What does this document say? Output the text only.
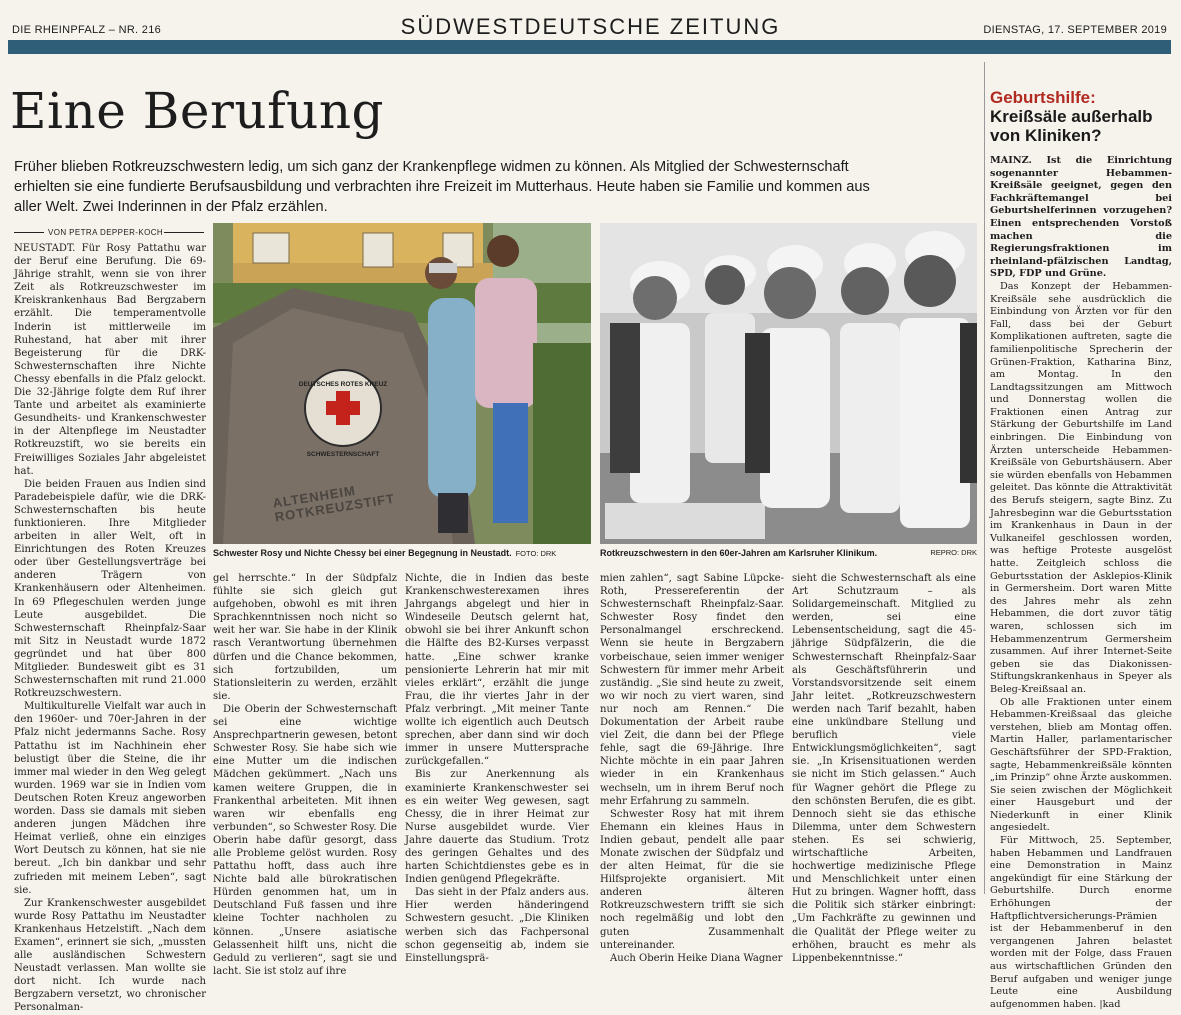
DIE RHEINPFALZ – NR. 216	SÜDWESTDEUTSCHE ZEITUNG	DIENSTAG, 17. SEPTEMBER 2019
Eine Berufung
Früher blieben Rotkreuzschwestern ledig, um sich ganz der Krankenpflege widmen zu können. Als Mitglied der Schwesternschaft erhielten sie eine fundierte Berufsausbildung und verbrachten ihre Freizeit im Mutterhaus. Heute haben sie Familie und kommen aus aller Welt. Zwei Inderinnen in der Pfalz erzählen.
VON PETRA DEPPER-KOCH
DEUTSCHES ROTES KREUZ
SCHWESTERNSCHAFT
ALTENHEIM ROTKREUZSTIFT
Schwester Rosy und Nichte Chessy bei einer Begegnung in Neustadt. FOTO: DRK	Rotkreuzschwestern in den 60er-Jahren am Karlsruher Klinikum.	REPRO: DRK

NEUSTADT. Für Rosy Pattathu war der Beruf eine Berufung. Die 69-Jährige strahlt, wenn sie von ihrer Zeit als Rotkreuzschwester im Kreiskrankenhaus Bad Bergzabern erzählt. Die temperamentvolle Inderin ist mittlerweile im Ruhestand, hat aber mit ihrer Begeisterung für die DRK-Schwesternschaften ihre Nichte Chessy ebenfalls in die Pfalz gelockt. Die 32-Jährige folgte dem Ruf ihrer Tante und arbeitet als examinierte Gesundheits- und Krankenschwester in der Altenpflege im Neustadter Rotkreuzstift, wo sie bereits ein Freiwilliges Soziales Jahr abgeleistet hat.

Die beiden Frauen aus Indien sind Paradebeispiele dafür, wie die DRK-Schwesternschaften bis heute funktionieren. Ihre Mitglieder arbeiten in aller Welt, oft in Einrichtungen des Roten Kreuzes oder über Gestellungsverträge bei anderen Trägern von Krankenhäusern oder Altenheimen. In 69 Pflegeschulen werden junge Leute ausgebildet. Die Schwesternschaft Rheinpfalz-Saar mit Sitz in Neustadt wurde 1872 gegründet und hat über 800 Mitglieder. Bundesweit gibt es 31 Schwesternschaften mit rund 21.000 Rotkreuzschwestern.

Multikulturelle Vielfalt war auch in den 1960er- und 70er-Jahren in der Pfalz nicht jedermanns Sache. Rosy Pattathu ist im Nachhinein eher belustigt über die Steine, die ihr immer mal wieder in den Weg gelegt wurden. 1969 war sie in Indien vom Deutschen Roten Kreuz angeworben worden. Dass sie damals mit sieben anderen jungen Mädchen ihre Heimat verließ, ohne ein einziges Wort Deutsch zu können, hat sie nie bereut. „Ich bin dankbar und sehr zufrieden mit meinem Leben“, sagt sie.

Zur Krankenschwester ausgebildet wurde Rosy Pattathu im Neustadter Krankenhaus Hetzelstift. „Nach dem Examen“, erinnert sie sich, „mussten alle ausländischen Schwestern Neustadt verlassen. Man wollte sie dort nicht. Ich wurde nach Bergzabern versetzt, wo chronischer Personalman-

gel herrschte.“ In der Südpfalz fühlte sie sich gleich gut aufgehoben, obwohl es mit ihren Sprachkenntnissen noch nicht so weit her war. Sie habe in der Klinik rasch Verantwortung übernehmen dürfen und die Chance bekommen, sich fortzubilden, um Stationsleiterin zu werden, erzählt sie.

Die Oberin der Schwesternschaft sei eine wichtige Ansprechpartnerin gewesen, betont Schwester Rosy. Sie habe sich wie eine Mutter um die indischen Mädchen gekümmert. „Nach uns kamen weitere Gruppen, die in Frankenthal arbeiteten. Mit ihnen waren wir ebenfalls eng verbunden“, so Schwester Rosy. Die Oberin habe dafür gesorgt, dass alle Probleme gelöst wurden. Rosy Pattathu hofft, dass auch ihre Nichte bald alle bürokratischen Hürden genommen hat, um in Deutschland Fuß fassen und ihre kleine Tochter nachholen zu können. „Unsere asiatische Gelassenheit hilft uns, nicht die Geduld zu verlieren“, sagt sie und lacht. Sie ist stolz auf ihre

Nichte, die in Indien das beste Krankenschwesterexamen ihres Jahrgangs abgelegt und hier in Windeseile Deutsch gelernt hat, obwohl sie bei ihrer Ankunft schon die Hälfte des B2-Kurses verpasst hatte. „Eine schwer kranke pensionierte Lehrerin hat mir mit vieles erklärt“, erzählt die junge Frau, die ihr viertes Jahr in der Pfalz verbringt. „Mit meiner Tante wollte ich eigentlich auch Deutsch sprechen, aber dann sind wir doch immer in unsere Muttersprache zurückgefallen.“

Bis zur Anerkennung als examinierte Krankenschwester sei es ein weiter Weg gewesen, sagt Chessy, die in ihrer Heimat zur Nurse ausgebildet wurde. Vier Jahre dauerte das Studium. Trotz des geringen Gehaltes und des harten Schichtdienstes gebe es in Indien genügend Pflegekräfte.

Das sieht in der Pfalz anders aus. Hier werden händeringend Schwestern gesucht. „Die Kliniken werben sich das Fachpersonal schon gegenseitig ab, indem sie Einstellungsprä-

mien zahlen“, sagt Sabine Lüpcke-Roth, Pressereferentin der Schwesternschaft Rheinpfalz-Saar. Schwester Rosy findet den Personalmangel erschreckend. Wenn sie heute in Bergzabern vorbeischaue, seien immer weniger Schwestern für immer mehr Arbeit zuständig. „Sie sind heute zu zweit, wo wir noch zu viert waren, sind nur noch am Rennen.“ Die Dokumentation der Arbeit raube viel Zeit, die dann bei der Pflege fehle, sagt die 69-Jährige. Ihre Nichte möchte in ein paar Jahren wieder in ein Krankenhaus wechseln, um in ihrem Beruf noch mehr Erfahrung zu sammeln.

Schwester Rosy hat mit ihrem Ehemann ein kleines Haus in Indien gebaut, pendelt alle paar Monate zwischen der Südpfalz und der alten Heimat, für die sie Hilfsprojekte organisiert. Mit anderen älteren Rotkreuzschwestern trifft sie sich noch regelmäßig und lobt den guten Zusammenhalt untereinander.

Auch Oberin Heike Diana Wagner

sieht die Schwesternschaft als eine Art Schutzraum – als Solidargemeinschaft. Mitglied zu werden, sei eine Lebensentscheidung, sagt die 45-jährige Südpfälzerin, die die Schwesternschaft Rheinpfalz-Saar als Geschäftsführerin und Vorstandsvorsitzende seit einem Jahr leitet. „Rotkreuzschwestern werden nach Tarif bezahlt, haben eine unkündbare Stellung und beruflich viele Entwicklungsmöglichkeiten“, sagt sie. „In Krisensituationen werden sie nicht im Stich gelassen.“ Auch für Wagner gehört die Pflege zu den schönsten Berufen, die es gibt. Dennoch sieht sie das ethische Dilemma, unter dem Schwestern stehen. Es sei schwierig, wirtschaftliche Arbeiten, hochwertige medizinische Pflege und Menschlichkeit unter einen Hut zu bringen. Wagner hofft, dass die Politik sich stärker einbringt: „Um Fachkräfte zu gewinnen und die Qualität der Pflege weiter zu erhöhen, braucht es mehr als Lippenbekenntnisse.“

Geburtshilfe:
Kreißsäle außerhalb von Kliniken?

MAINZ. Ist die Einrichtung sogenannter Hebammen-Kreißsäle geeignet, gegen den Fachkräftemangel bei Geburtshelferinnen vorzugehen? Einen entsprechenden Vorstoß machen die Regierungsfraktionen im rheinland-pfälzischen Landtag, SPD, FDP und Grüne.

Das Konzept der Hebammen-Kreißsäle sehe ausdrücklich die Einbindung von Ärzten vor für den Fall, dass bei der Geburt Komplikationen auftreten, sagte die familienpolitische Sprecherin der Grünen-Fraktion, Katharina Binz, am Montag. In den Landtagssitzungen am Mittwoch und Donnerstag wollen die Fraktionen einen Antrag zur Stärkung der Geburtshilfe im Land einbringen. Die Einbindung von Ärzten unterscheide Hebammen-Kreißsäle von Geburtshäusern. Aber sie würden ebenfalls von Hebammen geleitet. Das könnte die Attraktivität des Berufs steigern, sagte Binz. Zu Jahresbeginn war die Geburtsstation im Krankenhaus in Daun in der Vulkaneifel geschlossen worden, was heftige Proteste ausgelöst hatte. Zeitgleich schloss die Geburtsstation der Asklepios-Klinik in Germersheim. Dort waren Mitte des Jahres mehr als zehn Hebammen, die dort zuvor tätig waren, schlossen sich im Hebammenzentrum Germersheim zusammen. Auf ihrer Internet-Seite geben sie das Diakonissen-Stiftungskrankenhaus in Speyer als Beleg-Kreißsaal an.

Ob alle Fraktionen unter einem Hebammen-Kreißsaal das gleiche verstehen, blieb am Montag offen. Martin Haller, parlamentarischer Geschäftsführer der SPD-Fraktion, sagte, Hebammenkreißsäle könnten „im Prinzip“ ohne Ärzte auskommen. Sie seien zwischen der Möglichkeit einer Hausgeburt und der Niederkunft in einer Klinik angesiedelt.

Für Mittwoch, 25. September, haben Hebammen und Landfrauen eine Demonstration in Mainz angekündigt für eine Stärkung der Geburtshilfe. Durch enorme Erhöhungen der Haftpflichtversicherungs-Prämien ist der Hebammenberuf in den vergangenen Jahren belastet worden mit der Folge, dass Frauen aus wirtschaftlichen Gründen den Beruf aufgaben und weniger junge Leute eine Ausbildung aufgenommen haben. |kad
